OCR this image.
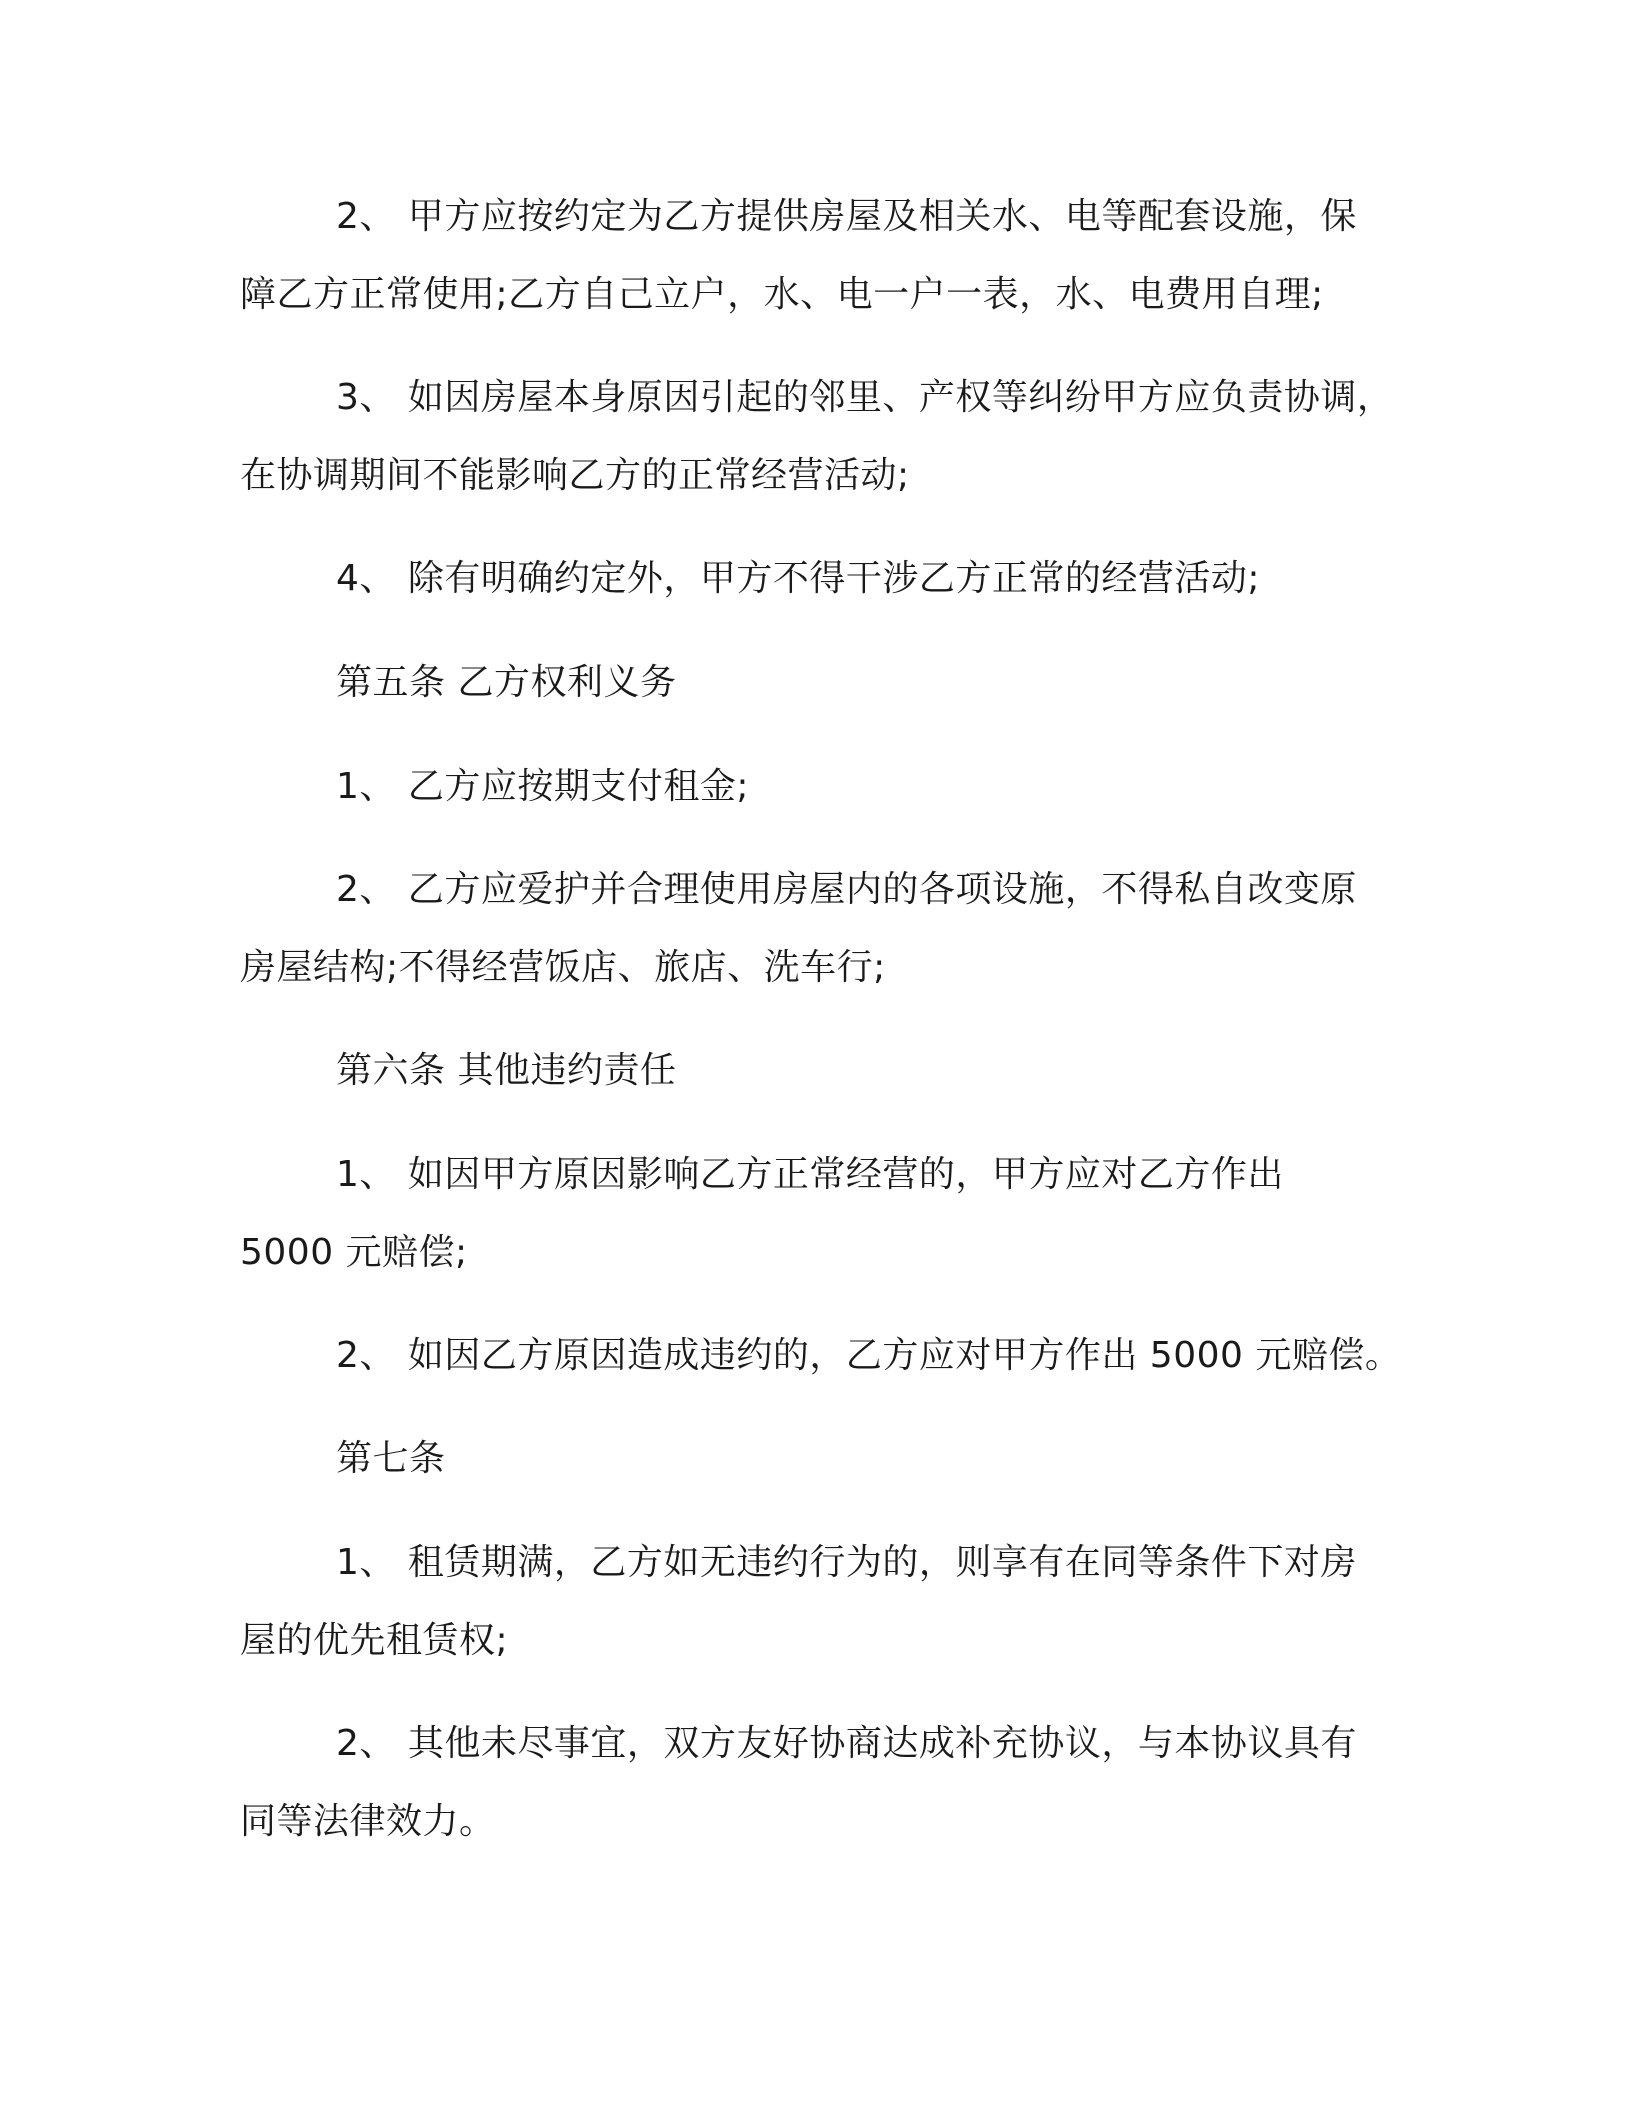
2、 甲方应按约定为乙方提供房屋及相关水、电等配套设施，保
障乙方正常使用;乙方自己立户，水、电一户一表，水、电费用自理;

3、 如因房屋本身原因引起的邻里、产权等纠纷甲方应负责协调，
在协调期间不能影响乙方的正常经营活动;

4、 除有明确约定外，甲方不得干涉乙方正常的经营活动;

第五条 乙方权利义务

1、 乙方应按期支付租金;

2、 乙方应爱护并合理使用房屋内的各项设施，不得私自改变原
房屋结构;不得经营饭店、旅店、洗车行;

第六条 其他违约责任

1、 如因甲方原因影响乙方正常经营的，甲方应对乙方作出
5000 元赔偿;

2、 如因乙方原因造成违约的，乙方应对甲方作出 5000 元赔偿。

第七条

1、 租赁期满，乙方如无违约行为的，则享有在同等条件下对房
屋的优先租赁权;

2、 其他未尽事宜，双方友好协商达成补充协议，与本协议具有
同等法律效力。
